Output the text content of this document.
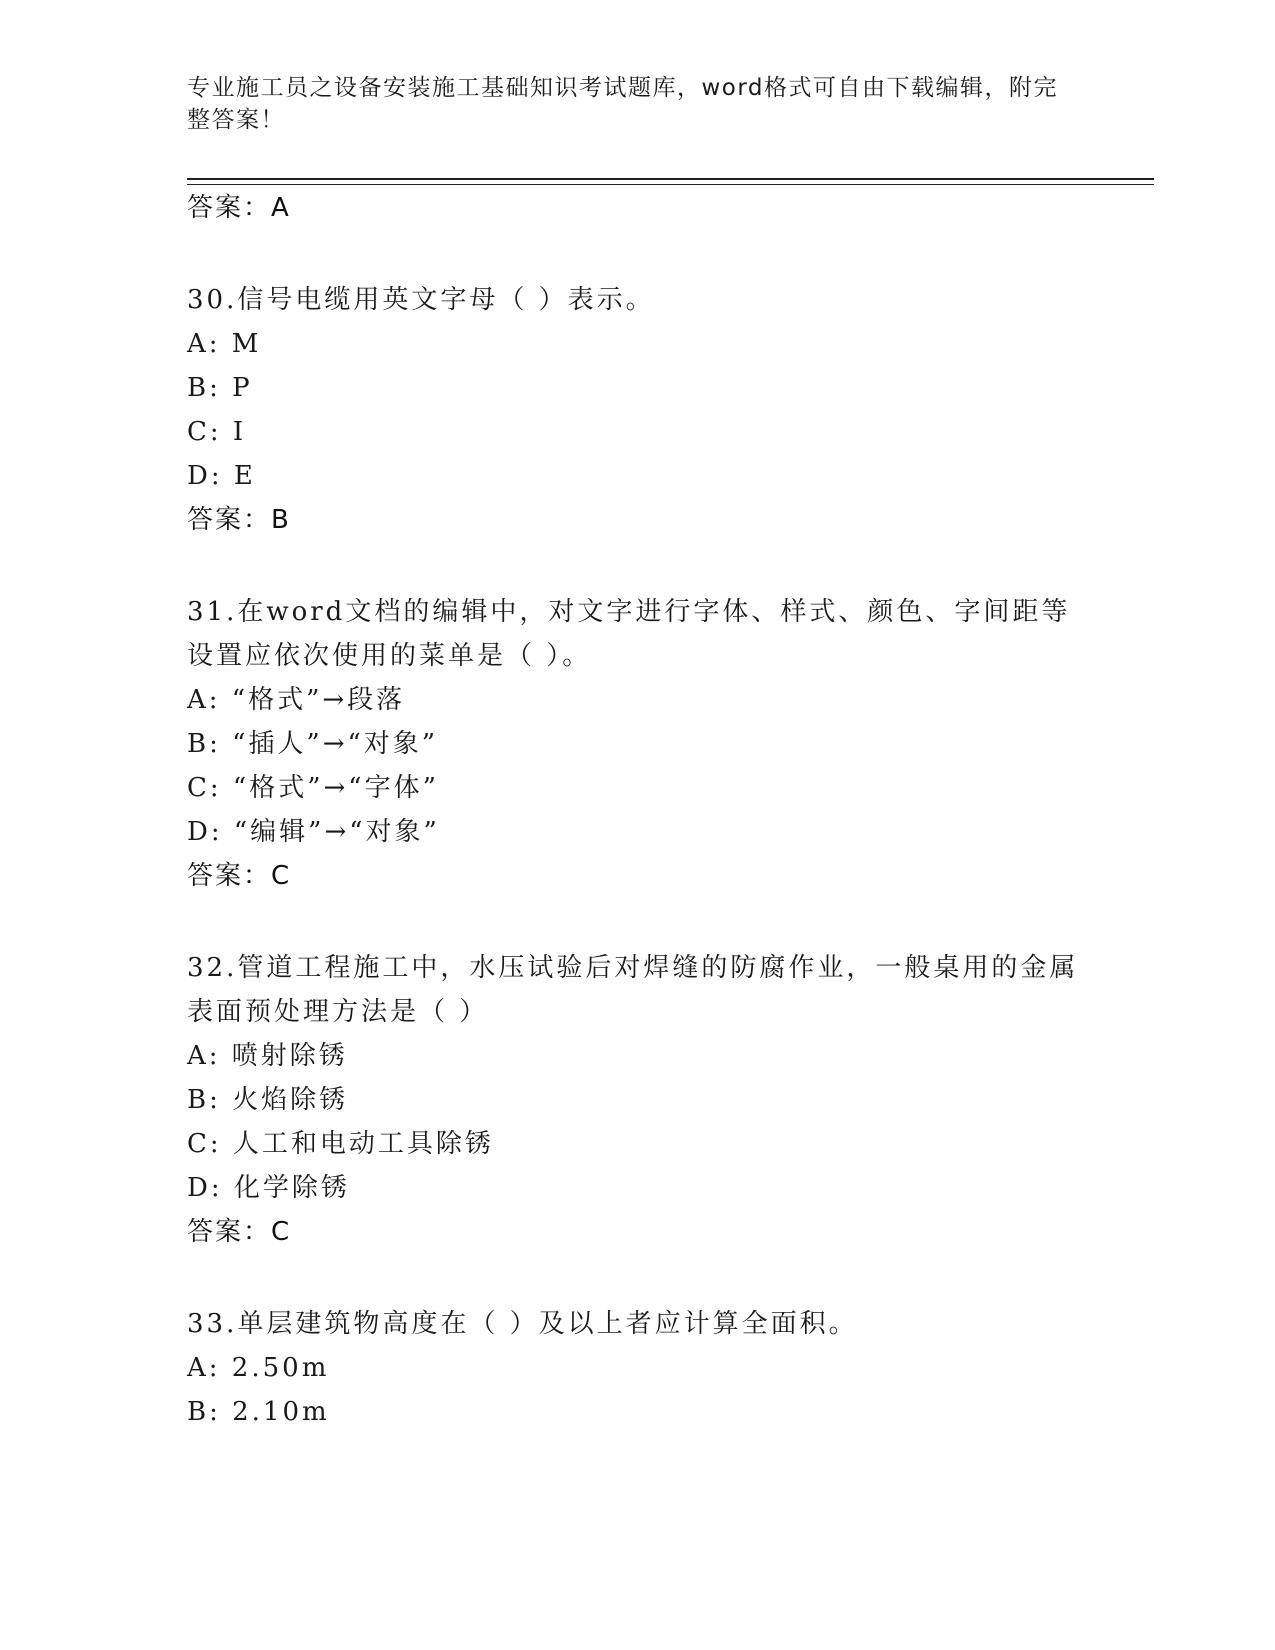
专业施工员之设备安装施工基础知识考试题库，word格式可自由下载编辑，附完
整答案！
答案：A
30.信号电缆用英文字母（ ）表示。
A: M
B: P
C: I
D: E
答案：B
31.在word文档的编辑中，对文字进行字体、样式、颜色、字间距等
设置应依次使用的菜单是（ ）。
A: “格式”→段落
B: “插人”→“对象”
C: “格式”→“字体”
D: “编辑”→“对象”
答案：C
32.管道工程施工中，水压试验后对焊缝的防腐作业，一般桌用的金属
表面预处理方法是（ ）
A: 喷射除锈
B: 火焰除锈
C: 人工和电动工具除锈
D: 化学除锈
答案：C
33.单层建筑物高度在（ ）及以上者应计算全面积。
A: 2.50m
B: 2.10m
